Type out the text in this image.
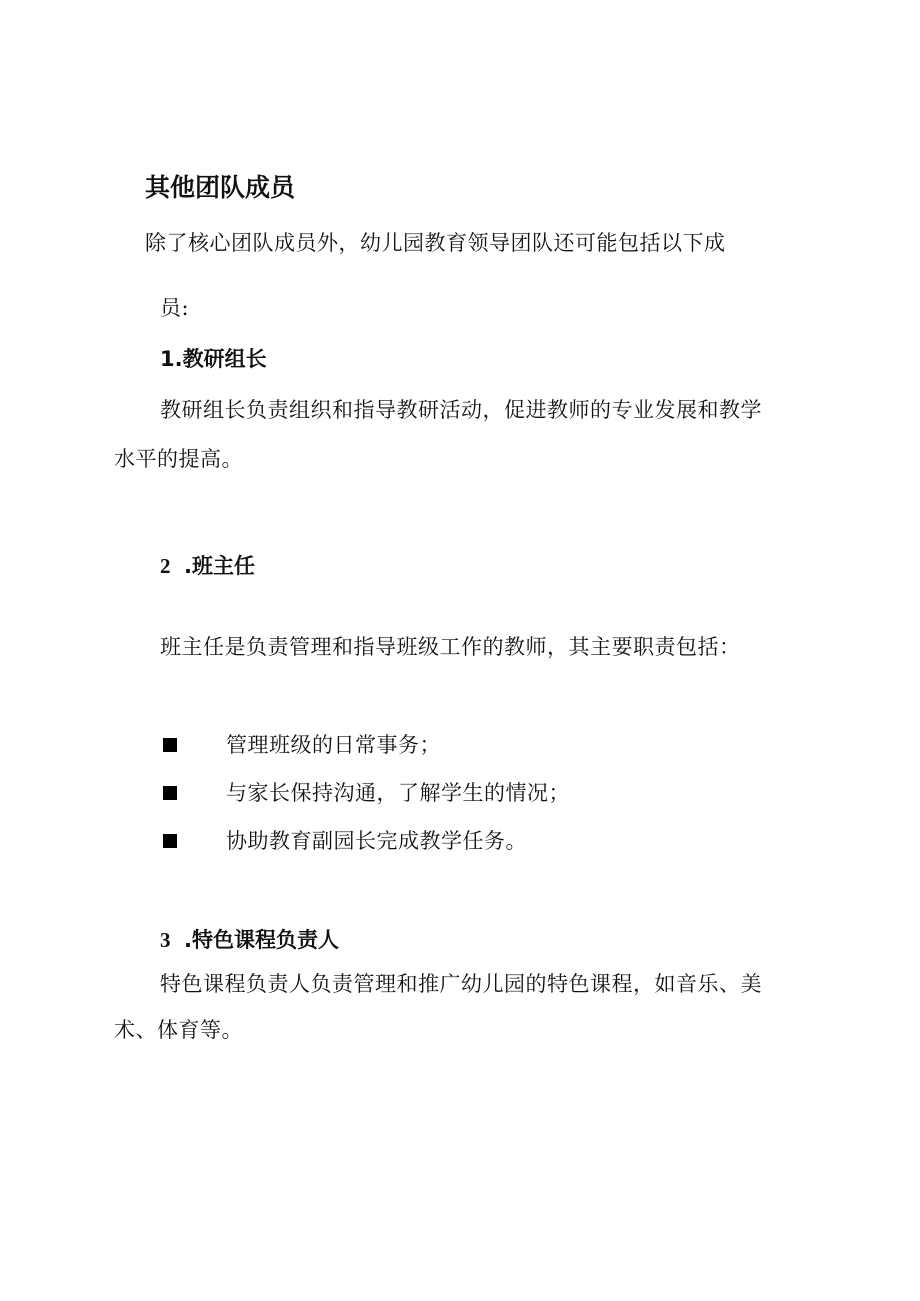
其他团队成员
除了核心团队成员外，幼儿园教育领导团队还可能包括以下成
员:
1.教研组长
教研组长负责组织和指导教研活动，促进教师的专业发展和教学
水平的提高。
2 .班主任
班主任是负责管理和指导班级工作的教师，其主要职责包括：
管理班级的日常事务；
与家长保持沟通，了解学生的情况；
协助教育副园长完成教学任务。
3 .特色课程负责人
特色课程负责人负责管理和推广幼儿园的特色课程，如音乐、美
术、体育等。
